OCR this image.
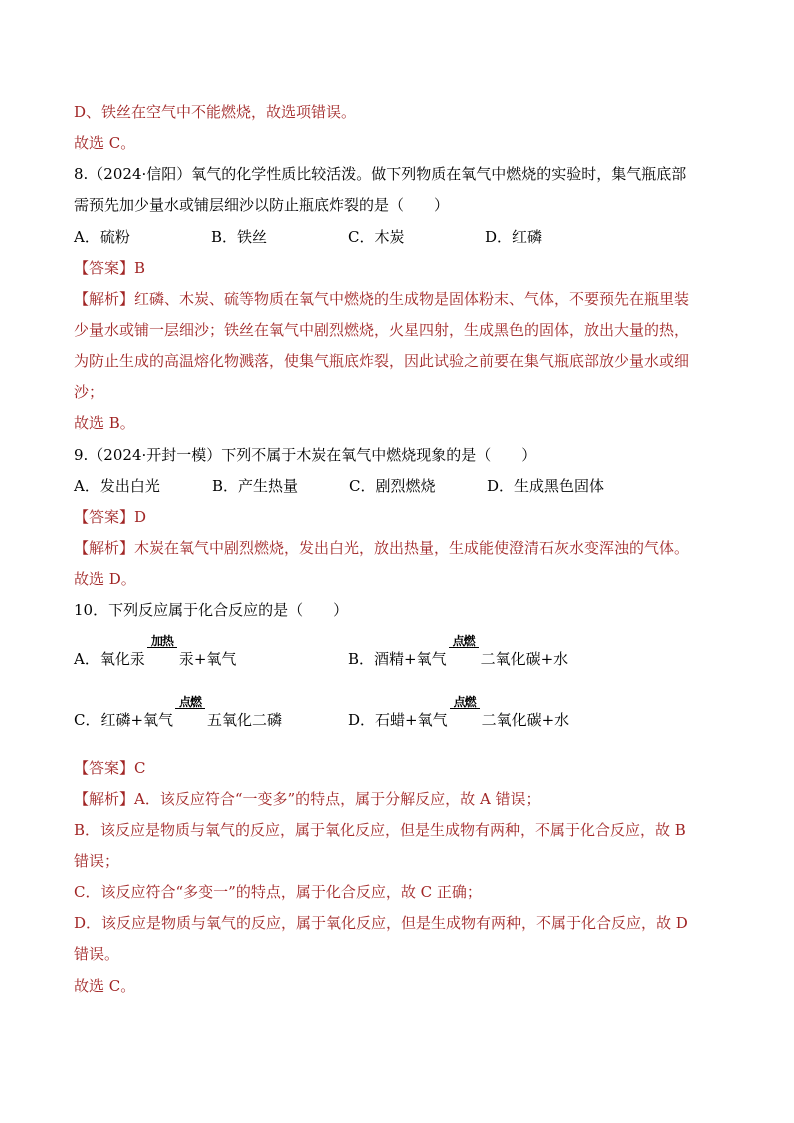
D、铁丝在空气中不能燃烧，故选项错误。
故选 C。
8.（2024·信阳）氧气的化学性质比较活泼。做下列物质在氧气中燃烧的实验时，集气瓶底部
需预先加少量水或铺层细沙以防止瓶底炸裂的是（　　）
A．硫粉	B．铁丝	C．木炭	D．红磷
【答案】B
【解析】红磷、木炭、硫等物质在氧气中燃烧的生成物是固体粉末、气体，不要预先在瓶里装
少量水或铺一层细沙；铁丝在氧气中剧烈燃烧，火星四射，生成黑色的固体，放出大量的热，
为防止生成的高温熔化物溅落，使集气瓶底炸裂，因此试验之前要在集气瓶底部放少量水或细
沙；
故选 B。
9.（2024·开封一模）下列不属于木炭在氧气中燃烧现象的是（　　）
A．发出白光	B．产生热量	C．剧烈燃烧	D．生成黑色固体
【答案】D
【解析】木炭在氧气中剧烈燃烧，发出白光，放出热量，生成能使澄清石灰水变浑浊的气体。
故选 D。
10．下列反应属于化合反应的是（　　）
A．氧化汞
加热
汞+氧气	B．酒精+氧气
点燃
二氧化碳+水
C．红磷+氧气
点燃
五氧化二磷	D．石蜡+氧气
点燃
二氧化碳+水
【答案】C
【解析】A．该反应符合“一变多”的特点，属于分解反应，故 A 错误；
B．该反应是物质与氧气的反应，属于氧化反应，但是生成物有两种，不属于化合反应，故 B
错误；
C．该反应符合“多变一”的特点，属于化合反应，故 C 正确；
D．该反应是物质与氧气的反应，属于氧化反应，但是生成物有两种，不属于化合反应，故 D
错误。
故选 C。
